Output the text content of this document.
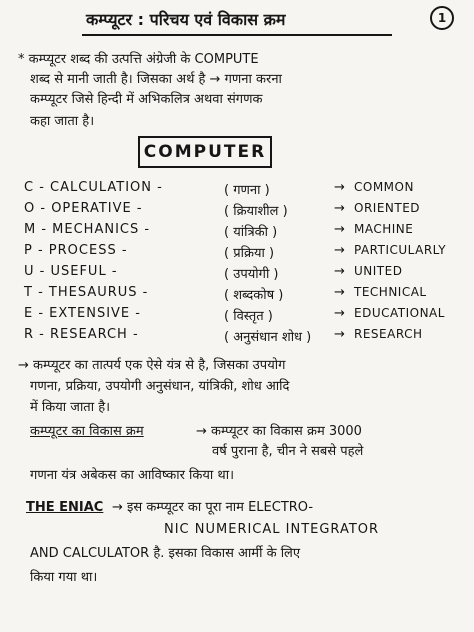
कम्प्यूटर : परिचय एवं विकास क्रम	1
* कम्प्यूटर शब्द की उत्पत्ति अंग्रेजी के COMPUTE
शब्द से मानी जाती है। जिसका अर्थ है → गणना करना
कम्प्यूटर जिसे हिन्दी में अभिकलित्र अथवा संगणक
कहा जाता है।
COMPUTER
C - CALCULATION -	( गणना )	→ COMMON
O - OPERATIVE -	( क्रियाशील )	→ ORIENTED
M - MECHANICS -	( यांत्रिकी )	→ MACHINE
P - PROCESS -	( प्रक्रिया )	→ PARTICULARLY
U - USEFUL -	( उपयोगी )	→ UNITED
T - THESAURUS -	( शब्दकोष )	→ TECHNICAL
E - EXTENSIVE -	( विस्तृत )	→ EDUCATIONAL
R - RESEARCH -	( अनुसंधान शोध ) → RESEARCH
→ कम्प्यूटर का तात्पर्य एक ऐसे यंत्र से है, जिसका उपयोग
गणना, प्रक्रिया, उपयोगी अनुसंधान, यांत्रिकी, शोध आदि
में किया जाता है।
कम्प्यूटर का विकास क्रम	→ कम्प्यूटर का विकास क्रम 3000
वर्ष पुराना है, चीन ने सबसे पहले
गणना यंत्र अबेकस का आविष्कार किया था।
THE ENIAC → इस कम्प्यूटर का पूरा नाम ELECTRO-
NIC NUMERICAL INTEGRATOR
AND CALCULATOR है. इसका विकास आर्मी के लिए
किया गया था।
